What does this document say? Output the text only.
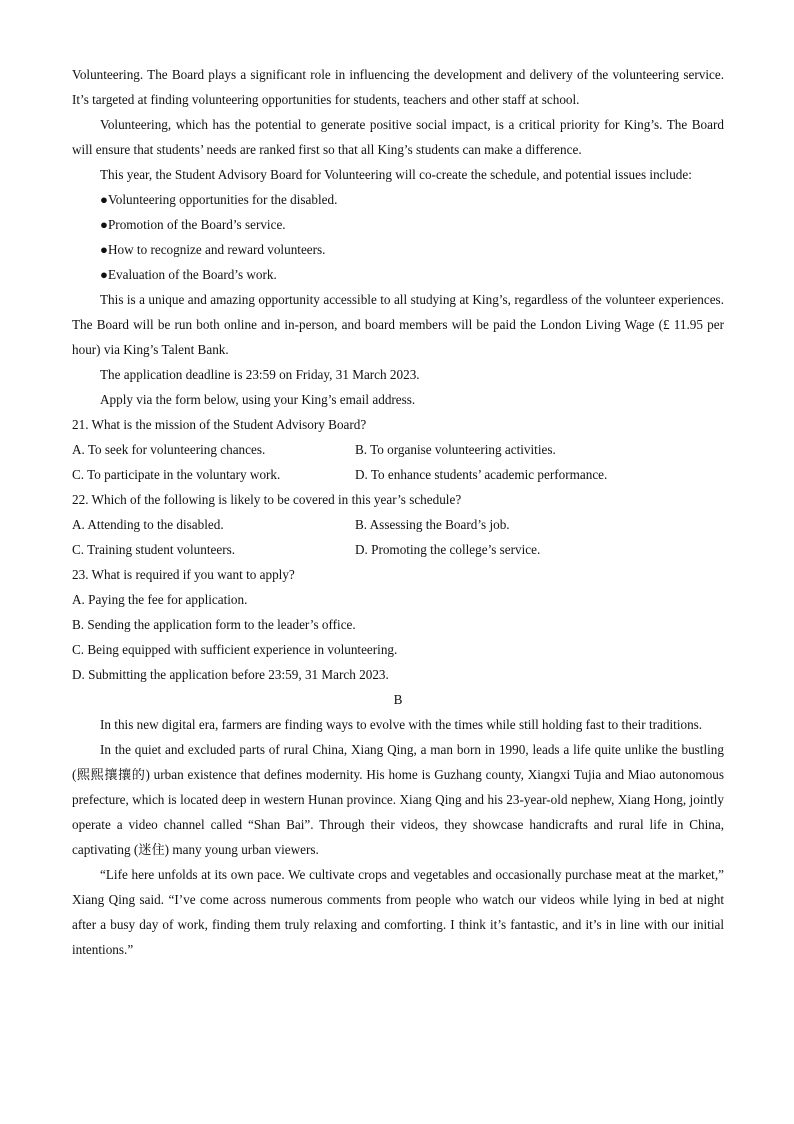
Volunteering. The Board plays a significant role in influencing the development and delivery of the volunteering service. It’s targeted at finding volunteering opportunities for students, teachers and other staff at school.

Volunteering, which has the potential to generate positive social impact, is a critical priority for King’s. The Board will ensure that students’ needs are ranked first so that all King’s students can make a difference.

This year, the Student Advisory Board for Volunteering will co-create the schedule, and potential issues include:

●Volunteering opportunities for the disabled.

●Promotion of the Board’s service.

●How to recognize and reward volunteers.

●Evaluation of the Board’s work.

This is a unique and amazing opportunity accessible to all studying at King’s, regardless of the volunteer experiences. The Board will be run both online and in-person, and board members will be paid the London Living Wage (£ 11.95 per hour) via King’s Talent Bank.

The application deadline is 23:59 on Friday, 31 March 2023.

Apply via the form below, using your King’s email address.

21. What is the mission of the Student Advisory Board?

A. To seek for volunteering chances.	B. To organise volunteering activities.
C. To participate in the voluntary work.	D. To enhance students’ academic performance.

22. Which of the following is likely to be covered in this year’s schedule?

A. Attending to the disabled.	B. Assessing the Board’s job.
C. Training student volunteers.	D. Promoting the college’s service.

23. What is required if you want to apply?

A. Paying the fee for application.

B. Sending the application form to the leader’s office.

C. Being equipped with sufficient experience in volunteering.

D. Submitting the application before 23:59, 31 March 2023.

B

In this new digital era, farmers are finding ways to evolve with the times while still holding fast to their traditions.

In the quiet and excluded parts of rural China, Xiang Qing, a man born in 1990, leads a life quite unlike the bustling (熙熙攘攘的) urban existence that defines modernity. His home is Guzhang county, Xiangxi Tujia and Miao autonomous prefecture, which is located deep in western Hunan province. Xiang Qing and his 23-year-old nephew, Xiang Hong, jointly operate a video channel called “Shan Bai”. Through their videos, they showcase handicrafts and rural life in China, captivating (迷住) many young urban viewers.

“Life here unfolds at its own pace. We cultivate crops and vegetables and occasionally purchase meat at the market,” Xiang Qing said. “I’ve come across numerous comments from people who watch our videos while lying in bed at night after a busy day of work, finding them truly relaxing and comforting. I think it’s fantastic, and it’s in line with our initial intentions.”
